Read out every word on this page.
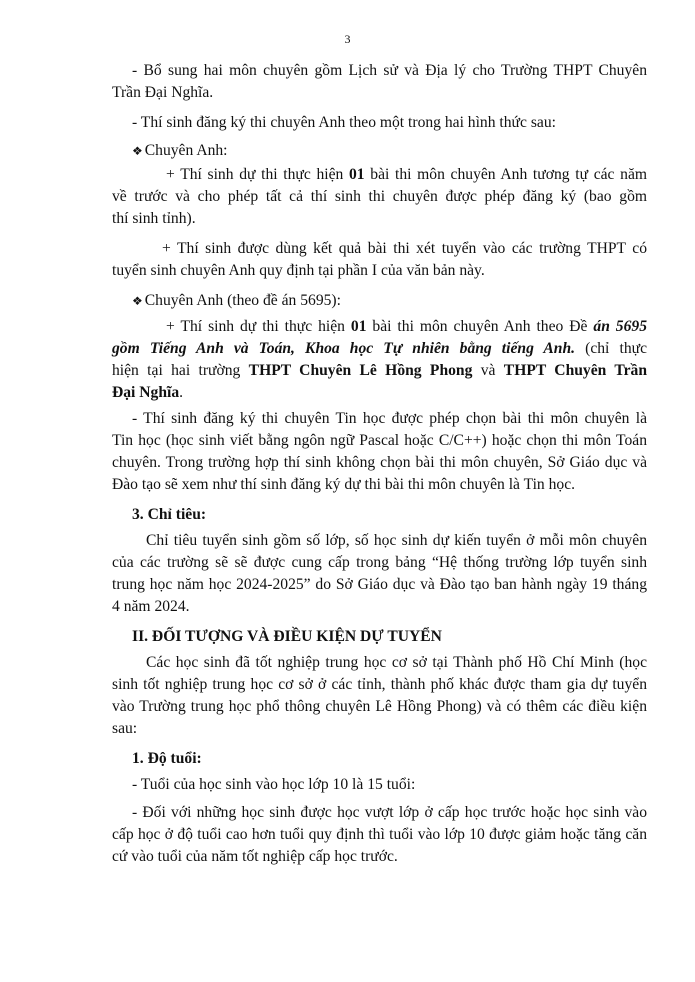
3
- Bổ sung hai môn chuyên gồm Lịch sử và Địa lý cho Trường THPT Chuyên
Trần Đại Nghĩa.
- Thí sinh đăng ký thi chuyên Anh theo một trong hai hình thức sau:
❖ Chuyên Anh:
+ Thí sinh dự thi thực hiện 01 bài thi môn chuyên Anh tương tự các năm
về trước và cho phép tất cả thí sinh thi chuyên được phép đăng ký (bao gồm
thí sinh tỉnh).
+ Thí sinh được dùng kết quả bài thi xét tuyển vào các trường THPT có
tuyển sinh chuyên Anh quy định tại phần I của văn bản này.
❖ Chuyên Anh (theo đề án 5695):
+ Thí sinh dự thi thực hiện 01 bài thi môn chuyên Anh theo Đề án 5695
gồm Tiếng Anh và Toán, Khoa học Tự nhiên bằng tiếng Anh. (chỉ thực
hiện tại hai trường THPT Chuyên Lê Hồng Phong và THPT Chuyên Trần
Đại Nghĩa.
- Thí sinh đăng ký thi chuyên Tin học được phép chọn bài thi môn chuyên là
Tin học (học sinh viết bằng ngôn ngữ Pascal hoặc C/C++) hoặc chọn thi môn Toán
chuyên. Trong trường hợp thí sinh không chọn bài thi môn chuyên, Sở Giáo dục và
Đào tạo sẽ xem như thí sinh đăng ký dự thi bài thi môn chuyên là Tin học.
3. Chỉ tiêu:
Chỉ tiêu tuyển sinh gồm số lớp, số học sinh dự kiến tuyển ở mỗi môn chuyên
của các trường sẽ sẽ được cung cấp trong bảng “Hệ thống trường lớp tuyển sinh
trung học năm học 2024-2025” do Sở Giáo dục và Đào tạo ban hành ngày 19 tháng
4 năm 2024.
II. ĐỐI TƯỢNG VÀ ĐIỀU KIỆN DỰ TUYỂN
Các học sinh đã tốt nghiệp trung học cơ sở tại Thành phố Hồ Chí Minh (học
sinh tốt nghiệp trung học cơ sở ở các tỉnh, thành phố khác được tham gia dự tuyển
vào Trường trung học phổ thông chuyên Lê Hồng Phong) và có thêm các điều kiện
sau:
1. Độ tuổi:
- Tuổi của học sinh vào học lớp 10 là 15 tuổi:
- Đối với những học sinh được học vượt lớp ở cấp học trước hoặc học sinh vào
cấp học ở độ tuổi cao hơn tuổi quy định thì tuổi vào lớp 10 được giảm hoặc tăng căn
cứ vào tuổi của năm tốt nghiệp cấp học trước.
